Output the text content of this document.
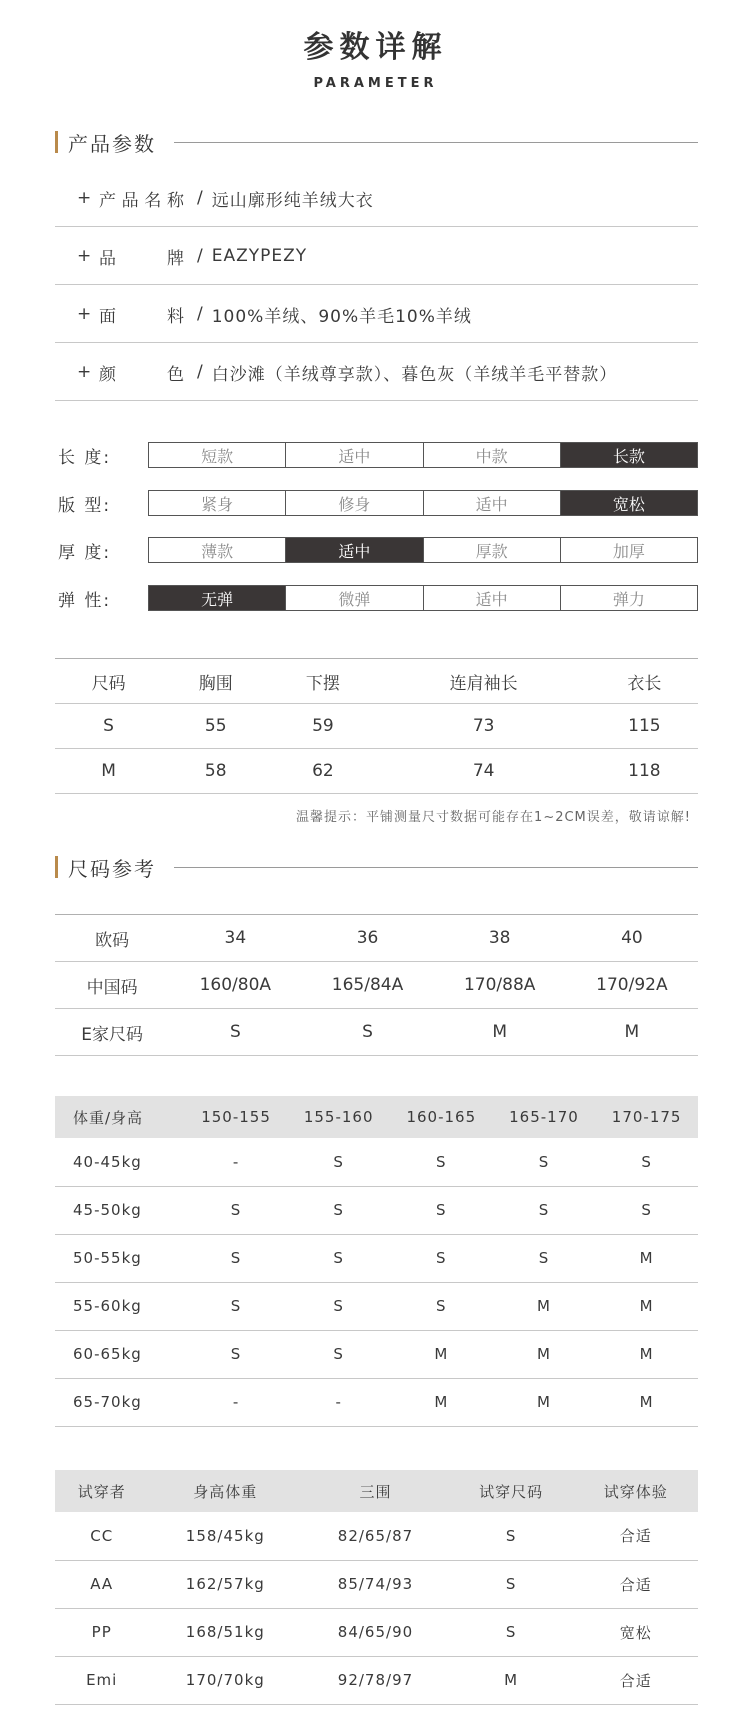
参数详解
PARAMETER
产品参数
+ 产 品 名 称 / 远山廓形纯羊绒大衣
+ 品	牌 / EAZYPEZY
+ 面	料 / 100%羊绒、90%羊毛10%羊绒
+ 颜	色 / 白沙滩（羊绒尊享款）、暮色灰（羊绒羊毛平替款）
长 度:	短款	适中	中款	长款
版 型:	紧身	修身	适中	宽松
厚 度:	薄款	适中	厚款	加厚
弹 性:	无弹	微弹	适中	弹力
尺码	胸围	下摆	连肩袖长	衣长
S	55	59	73	115
M	58	62	74	118
温馨提示：平铺测量尺寸数据可能存在1~2CM误差，敬请谅解!
尺码参考
欧码	34	36	38	40
中国码	160/80A	165/84A	170/88A	170/92A
E家尺码	S	S	M	M
体重/身高	150-155	155-160	160-165	165-170	170-175
40-45kg	-	S	S	S	S
45-50kg	S	S	S	S	S
50-55kg	S	S	S	S	M
55-60kg	S	S	S	M	M
60-65kg	S	S	M	M	M
65-70kg	-	-	M	M	M
试穿者	身高体重	三围	试穿尺码	试穿体验
CC	158/45kg	82/65/87	S	合适
AA	162/57kg	85/74/93	S	合适
PP	168/51kg	84/65/90	S	宽松
Emi	170/70kg	92/78/97	M	合适
